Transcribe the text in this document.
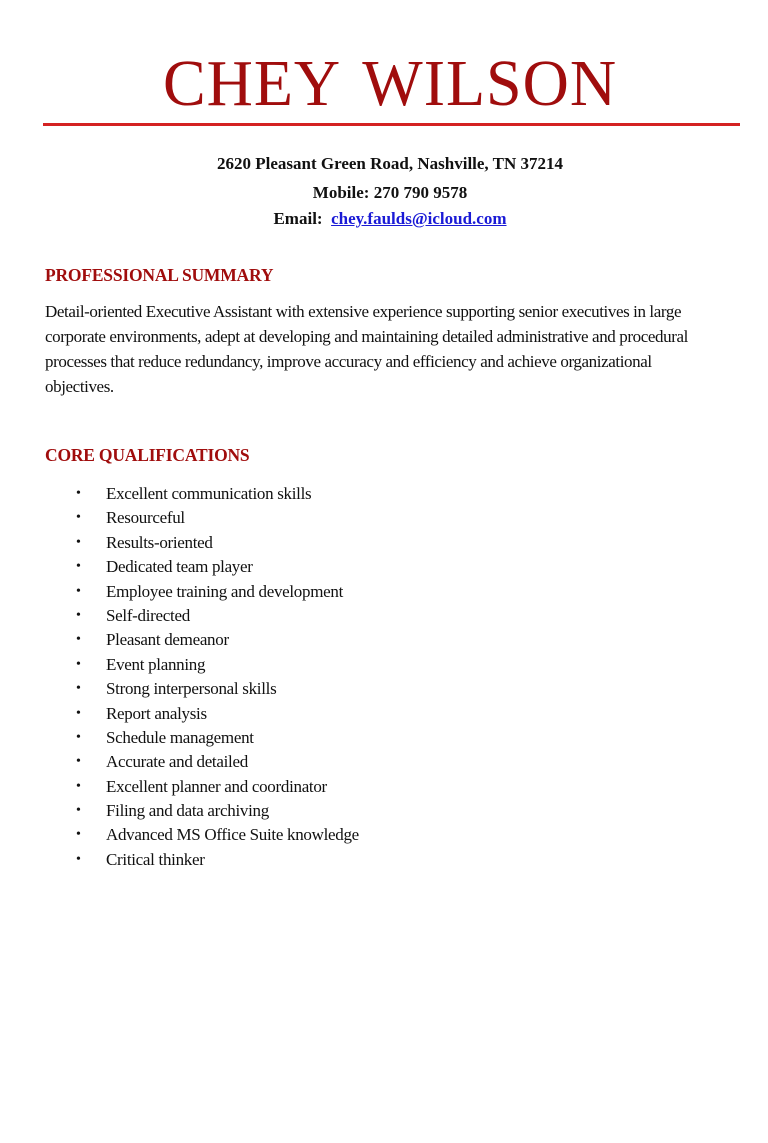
CHEY WILSON
2620 Pleasant Green Road, Nashville, TN 37214
Mobile: 270 790 9578
Email: chey.faulds@icloud.com
PROFESSIONAL SUMMARY
Detail-oriented Executive Assistant with extensive experience supporting senior executives in large
corporate environments, adept at developing and maintaining detailed administrative and procedural
processes that reduce redundancy, improve accuracy and efficiency and achieve organizational
objectives.
CORE QUALIFICATIONS
• Excellent communication skills
• Resourceful
• Results-oriented
• Dedicated team player
• Employee training and development
• Self-directed
• Pleasant demeanor
• Event planning
• Strong interpersonal skills
• Report analysis
• Schedule management
• Accurate and detailed
• Excellent planner and coordinator
• Filing and data archiving
• Advanced MS Office Suite knowledge
• Critical thinker
